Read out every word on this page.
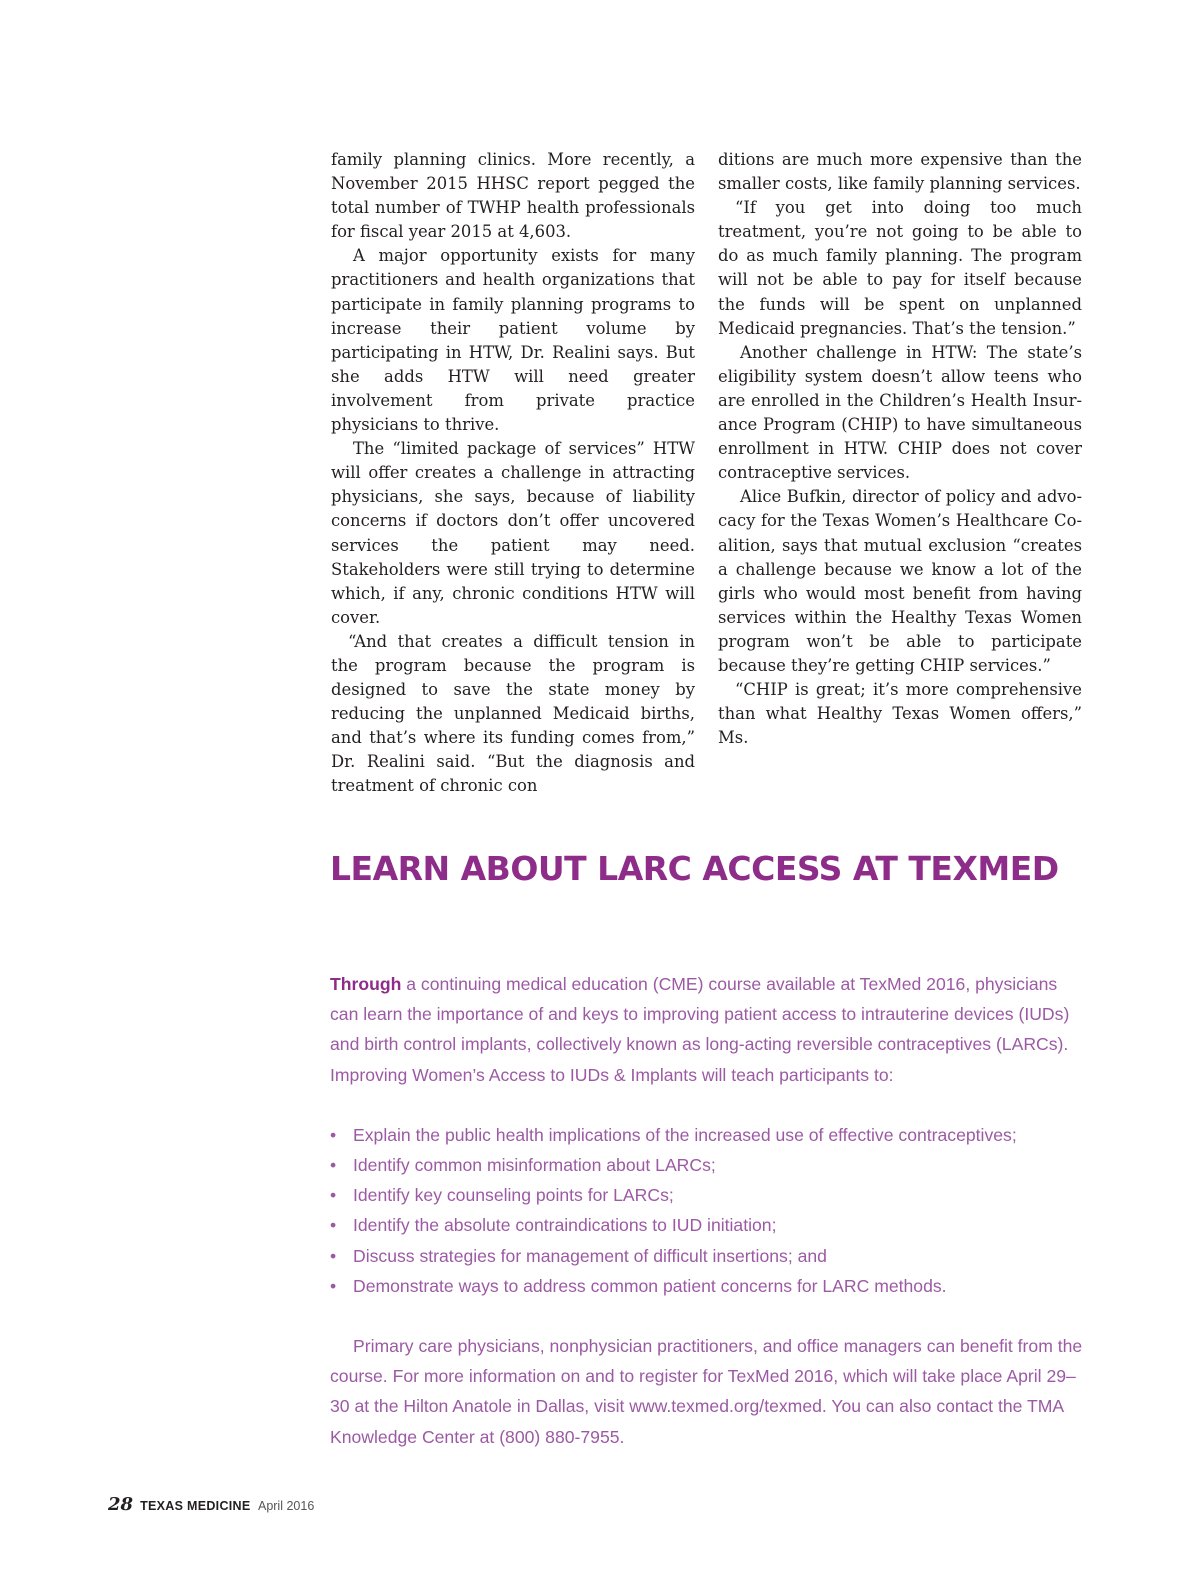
family planning clinics. More recently, a November 2015 HHSC report pegged the total number of TWHP health professionals for fiscal year 2015 at 4,603.

A major opportunity exists for many practitioners and health organizations that participate in family planning programs to increase their patient volume by participating in HTW, Dr. Realini says. But she adds HTW will need greater involvement from private practice physicians to thrive.

The “limited package of services” HTW will offer creates a challenge in attracting physicians, she says, because of liability concerns if doctors don’t offer uncovered services the patient may need. Stakeholders were still trying to determine which, if any, chronic conditions HTW will cover.

“And that creates a difficult tension in the program because the program is designed to save the state money by reducing the unplanned Medicaid births, and that’s where its funding comes from,” Dr. Realini said. “But the diagnosis and treatment of chronic con

ditions are much more expensive than the smaller costs, like family planning services.

“If you get into doing too much treatment, you’re not going to be able to do as much family planning. The program will not be able to pay for itself because the funds will be spent on unplanned Medicaid pregnancies. That’s the tension.”

Another challenge in HTW: The state’s eligibility system doesn’t allow teens who are enrolled in the Children’s Health Insurance Program (CHIP) to have simultaneous enrollment in HTW. CHIP does not cover contraceptive services.

Alice Bufkin, director of policy and advocacy for the Texas Women’s Healthcare Coalition, says that mutual exclusion “creates a challenge because we know a lot of the girls who would most benefit from having services within the Healthy Texas Women program won’t be able to participate because they’re getting CHIP services.”

“CHIP is great; it’s more comprehensive than what Healthy Texas Women offers,” Ms.

LEARN ABOUT LARC ACCESS AT TEXMED

Through a continuing medical education (CME) course available at TexMed 2016, physicians can learn the importance of and keys to improving patient access to intrauterine devices (IUDs) and birth control implants, collectively known as long-acting reversible contraceptives (LARCs). Improving Women’s Access to IUDs & Implants will teach participants to:

• Explain the public health implications of the increased use of effective contraceptives;
• Identify common misinformation about LARCs;
• Identify key counseling points for LARCs;
• Identify the absolute contraindications to IUD initiation;
• Discuss strategies for management of difficult insertions; and
• Demonstrate ways to address common patient concerns for LARC methods.

Primary care physicians, nonphysician practitioners, and office managers can benefit from the course. For more information on and to register for TexMed 2016, which will take place April 29–30 at the Hilton Anatole in Dallas, visit www.texmed.org/texmed. You can also contact the TMA Knowledge Center at (800) 880-7955.

28 TEXAS MEDICINE April 2016
